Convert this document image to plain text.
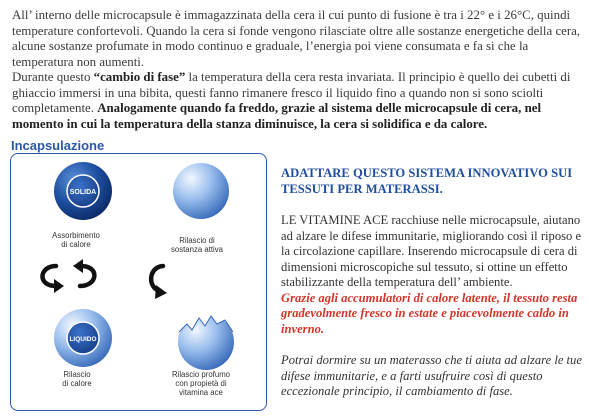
All’ interno delle microcapsule è immagazzinata della cera il cui punto di fusione è tra i 22° e i 26°C, quindi temperature confortevoli. Quando la cera si fonde vengono rilasciate oltre alle sostanze energetiche della cera, alcune sostanze profumate in modo continuo e graduale, l’energia poi viene consumata e fa si che la temperatura non aumenti.

Durante questo “cambio di fase” la temperatura della cera resta invariata. Il principio è quello dei cubetti di ghiaccio immersi in una bibita, questi fanno rimanere fresco il liquido fino a quando non si sono sciolti completamente. Analogamente quando fa freddo, grazie al sistema delle microcapsule di cera, nel momento in cui la temperatura della stanza diminuisce, la cera si solidifica e da calore.

Incapsulazione
SOLIDA
LIQUIDO
Assorbimento
di calore	Rilascio di
sostanza attiva
Rilascio
di calore
Rilascio profumo
con propietà di
vitamina ace
ADATTARE QUESTO SISTEMA INNOVATIVO SUI TESSUTI PER MATERASSI.

LE VITAMINE ACE racchiuse nelle microcapsule, aiutano ad alzare le difese immunitarie, migliorando così il riposo e la circolazione capillare. Inserendo microcapsule di cera di dimensioni microscopiche sul tessuto, si ottine un effetto stabilizzante della temperatura dell’ ambiente.

Grazie agli accumulatori di calore latente, il tessuto resta gradevolmente fresco in estate e piacevolmente caldo in inverno.

Potrai dormire su un materasso che ti aiuta ad alzare le tue difese immunitarie, e a farti usufruire così di questo eccezionale principio, il cambiamento di fase.
